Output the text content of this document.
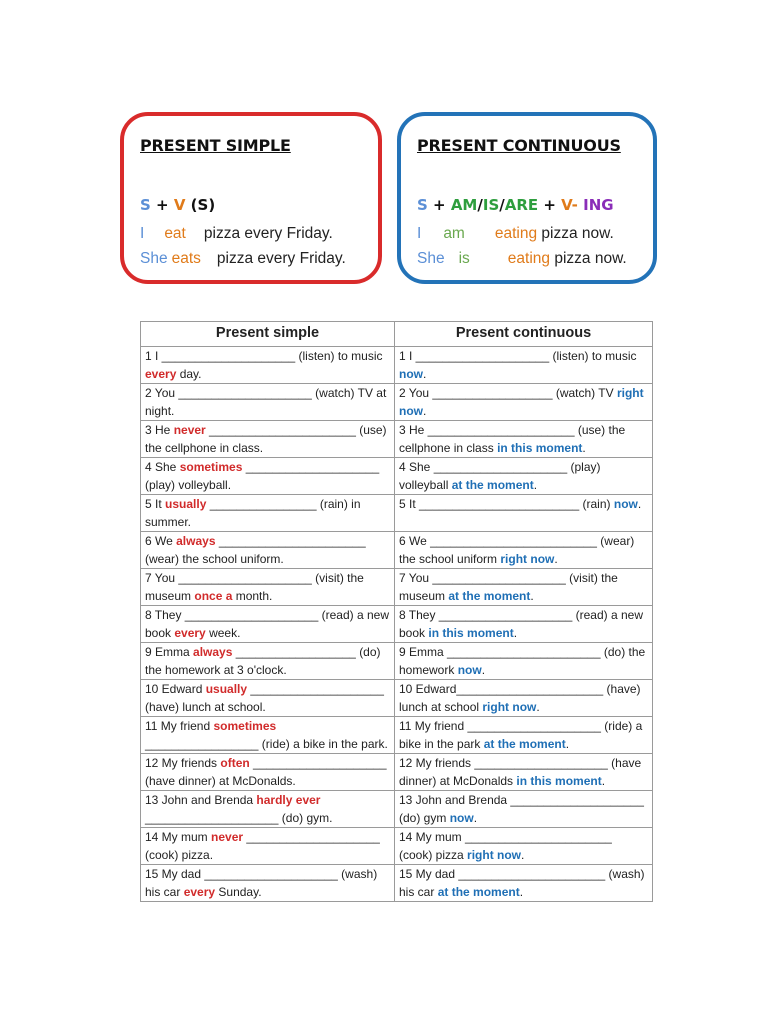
PRESENT SIMPLE
S + V (S)
I eat pizza every Friday.
She eats pizza every Friday.
PRESENT CONTINUOUS
S + AM/IS/ARE + V- ING
I am eating pizza now.
She is eating pizza now.
Present simple	Present continuous
1 I ____________________ (listen) to music every day.	1 I ____________________ (listen) to music now.
2 You ____________________ (watch) TV at night.	2 You __________________ (watch) TV right now.
3 He never ______________________ (use) the cellphone in class.	3 He ______________________ (use) the cellphone in class in this moment.
4 She sometimes ____________________ (play) volleyball.	4 She ____________________ (play) volleyball at the moment.
5 It usually ________________ (rain) in summer.	5 It ________________________ (rain) now.
6 We always ______________________ (wear) the school uniform.	6 We _________________________ (wear) the school uniform right now.
7 You ____________________ (visit) the museum once a month.	7 You ____________________ (visit) the museum at the moment.
8 They ____________________ (read) a new book every week.	8 They ____________________ (read) a new book in this moment.
9 Emma always __________________ (do) the homework at 3 o'clock.	9 Emma _______________________ (do) the homework now.
10 Edward usually ____________________ (have) lunch at school.	10 Edward______________________ (have) lunch at school right now.
11 My friend sometimes _________________ (ride) a bike in the park.	11 My friend ____________________ (ride) a bike in the park at the moment.
12 My friends often ____________________ (have dinner) at McDonalds.	12 My friends ____________________ (have dinner) at McDonalds in this moment.
13 John and Brenda hardly ever ____________________ (do) gym.	13 John and Brenda ____________________ (do) gym now.
14 My mum never ____________________ (cook) pizza.	14 My mum ______________________ (cook) pizza right now.
15 My dad ____________________ (wash) his car every Sunday.	15 My dad ______________________ (wash) his car at the moment.
